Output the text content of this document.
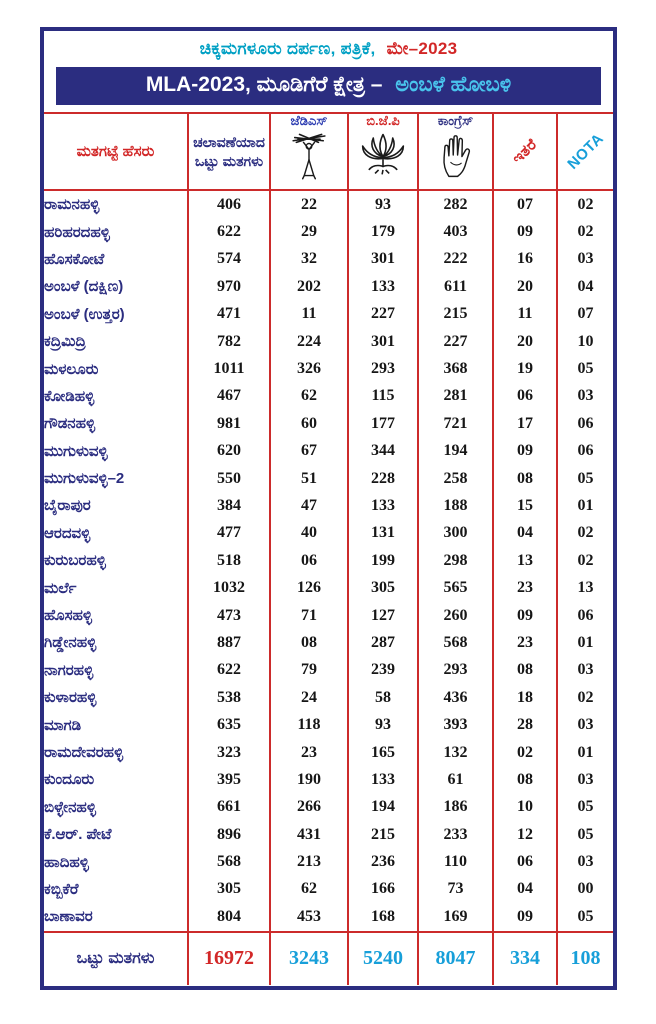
ಚಿಕ್ಕಮಗಳೂರು ದರ್ಪಣ, ಪತ್ರಿಕೆ, ಮೇ–2023
MLA-2023, ಮೂಡಿಗೆರೆ ಕ್ಷೇತ್ರ – ಅಂಬಳೆ ಹೋಬಳಿ
ಮತಗಟ್ಟೆ ಹೆಸರು	ಚಲಾವಣೆಯಾದ ಒಟ್ಟು ಮತಗಳು	ಜೆಡಿಎಸ್	ಬಿ.ಜೆ.ಪಿ	ಕಾಂಗ್ರೆಸ್	ಇತರೆ	NOTA
ರಾಮನಹಳ್ಳಿ	406	22	93	282	07	02
ಹರಿಹರದಹಳ್ಳಿ	622	29	179	403	09	02
ಹೊಸಕೋಟೆ	574	32	301	222	16	03
ಅಂಬಳೆ (ದಕ್ಷಿಣ)	970	202	133	611	20	04
ಅಂಬಳೆ (ಉತ್ತರ)	471	11	227	215	11	07
ಕದ್ರಿಮಿದ್ರಿ	782	224	301	227	20	10
ಮಳಲೂರು	1011	326	293	368	19	05
ಕೋಡಿಹಳ್ಳಿ	467	62	115	281	06	03
ಗೌಡನಹಳ್ಳಿ	981	60	177	721	17	06
ಮುಗುಳುವಳ್ಳಿ	620	67	344	194	09	06
ಮುಗುಳುವಳ್ಳಿ–2	550	51	228	258	08	05
ಬೈರಾಪುರ	384	47	133	188	15	01
ಆರದವಳ್ಳಿ	477	40	131	300	04	02
ಕುರುಬರಹಳ್ಳಿ	518	06	199	298	13	02
ಮರ್ಲೆ	1032	126	305	565	23	13
ಹೊಸಹಳ್ಳಿ	473	71	127	260	09	06
ಗಿಡ್ಡೇನಹಳ್ಳಿ	887	08	287	568	23	01
ನಾಗರಹಳ್ಳಿ	622	79	239	293	08	03
ಕುಳಾರಹಳ್ಳಿ	538	24	58	436	18	02
ಮಾಗಡಿ	635	118	93	393	28	03
ರಾಮದೇವರಹಳ್ಳಿ	323	23	165	132	02	01
ಕುಂದೂರು	395	190	133	61	08	03
ಬಿಳ್ಳೇನಹಳ್ಳಿ	661	266	194	186	10	05
ಕೆ.ಆರ್. ಪೇಟೆ	896	431	215	233	12	05
ಹಾದಿಹಳ್ಳಿ	568	213	236	110	06	03
ಕಬ್ಬಿಕೆರೆ	305	62	166	73	04	00
ಬಾಣಾವರ	804	453	168	169	09	05
ಒಟ್ಟು ಮತಗಳು	16972	3243	5240	8047	334	108
